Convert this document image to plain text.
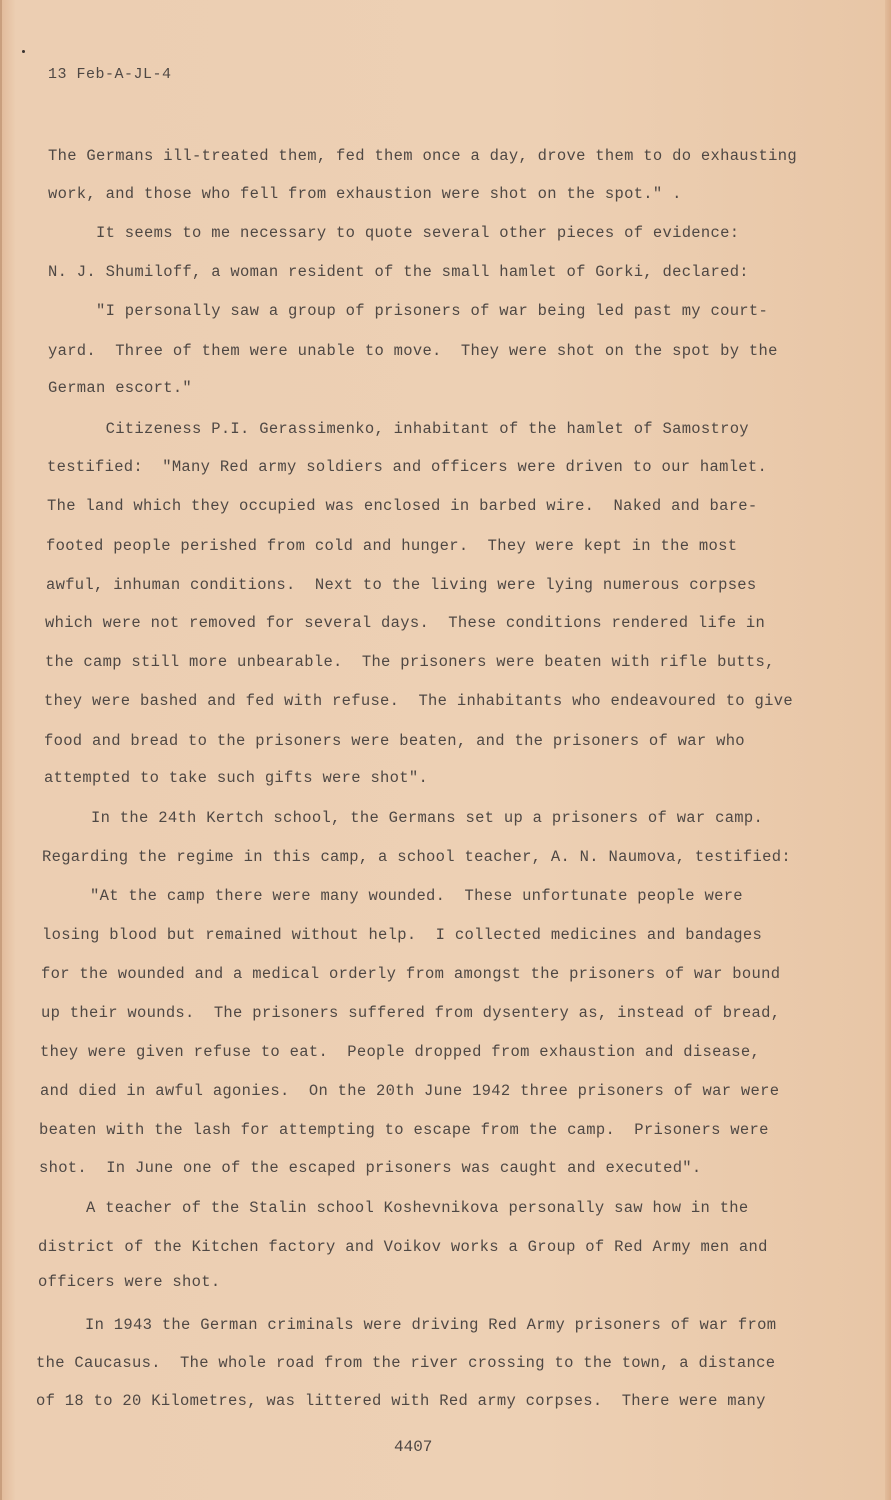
13 Feb-A-JL-4
The Germans ill-treated them, fed them once a day, drove them to do exhausting
work, and those who fell from exhaustion were shot on the spot." .
It seems to me necessary to quote several other pieces of evidence:
N. J. Shumiloff, a woman resident of the small hamlet of Gorki, declared:
"I personally saw a group of prisoners of war being led past my court-
yard.  Three of them were unable to move.  They were shot on the spot by the
German escort."
Citizeness P.I. Gerassimenko, inhabitant of the hamlet of Samostroy
testified:  "Many Red army soldiers and officers were driven to our hamlet.
The land which they occupied was enclosed in barbed wire.  Naked and bare-
footed people perished from cold and hunger.  They were kept in the most
awful, inhuman conditions.  Next to the living were lying numerous corpses
which were not removed for several days.  These conditions rendered life in
the camp still more unbearable.  The prisoners were beaten with rifle butts,
they were bashed and fed with refuse.  The inhabitants who endeavoured to give
food and bread to the prisoners were beaten, and the prisoners of war who
attempted to take such gifts were shot".
In the 24th Kertch school, the Germans set up a prisoners of war camp.
Regarding the regime in this camp, a school teacher, A. N. Naumova, testified:
"At the camp there were many wounded.  These unfortunate people were
losing blood but remained without help.  I collected medicines and bandages
for the wounded and a medical orderly from amongst the prisoners of war bound
up their wounds.  The prisoners suffered from dysentery as, instead of bread,
they were given refuse to eat.  People dropped from exhaustion and disease,
and died in awful agonies.  On the 20th June 1942 three prisoners of war were
beaten with the lash for attempting to escape from the camp.  Prisoners were
shot.  In June one of the escaped prisoners was caught and executed".
A teacher of the Stalin school Koshevnikova personally saw how in the
district of the Kitchen factory and Voikov works a Group of Red Army men and
officers were shot.
In 1943 the German criminals were driving Red Army prisoners of war from
the Caucasus.  The whole road from the river crossing to the town, a distance
of 18 to 20 Kilometres, was littered with Red army corpses.  There were many
4407
